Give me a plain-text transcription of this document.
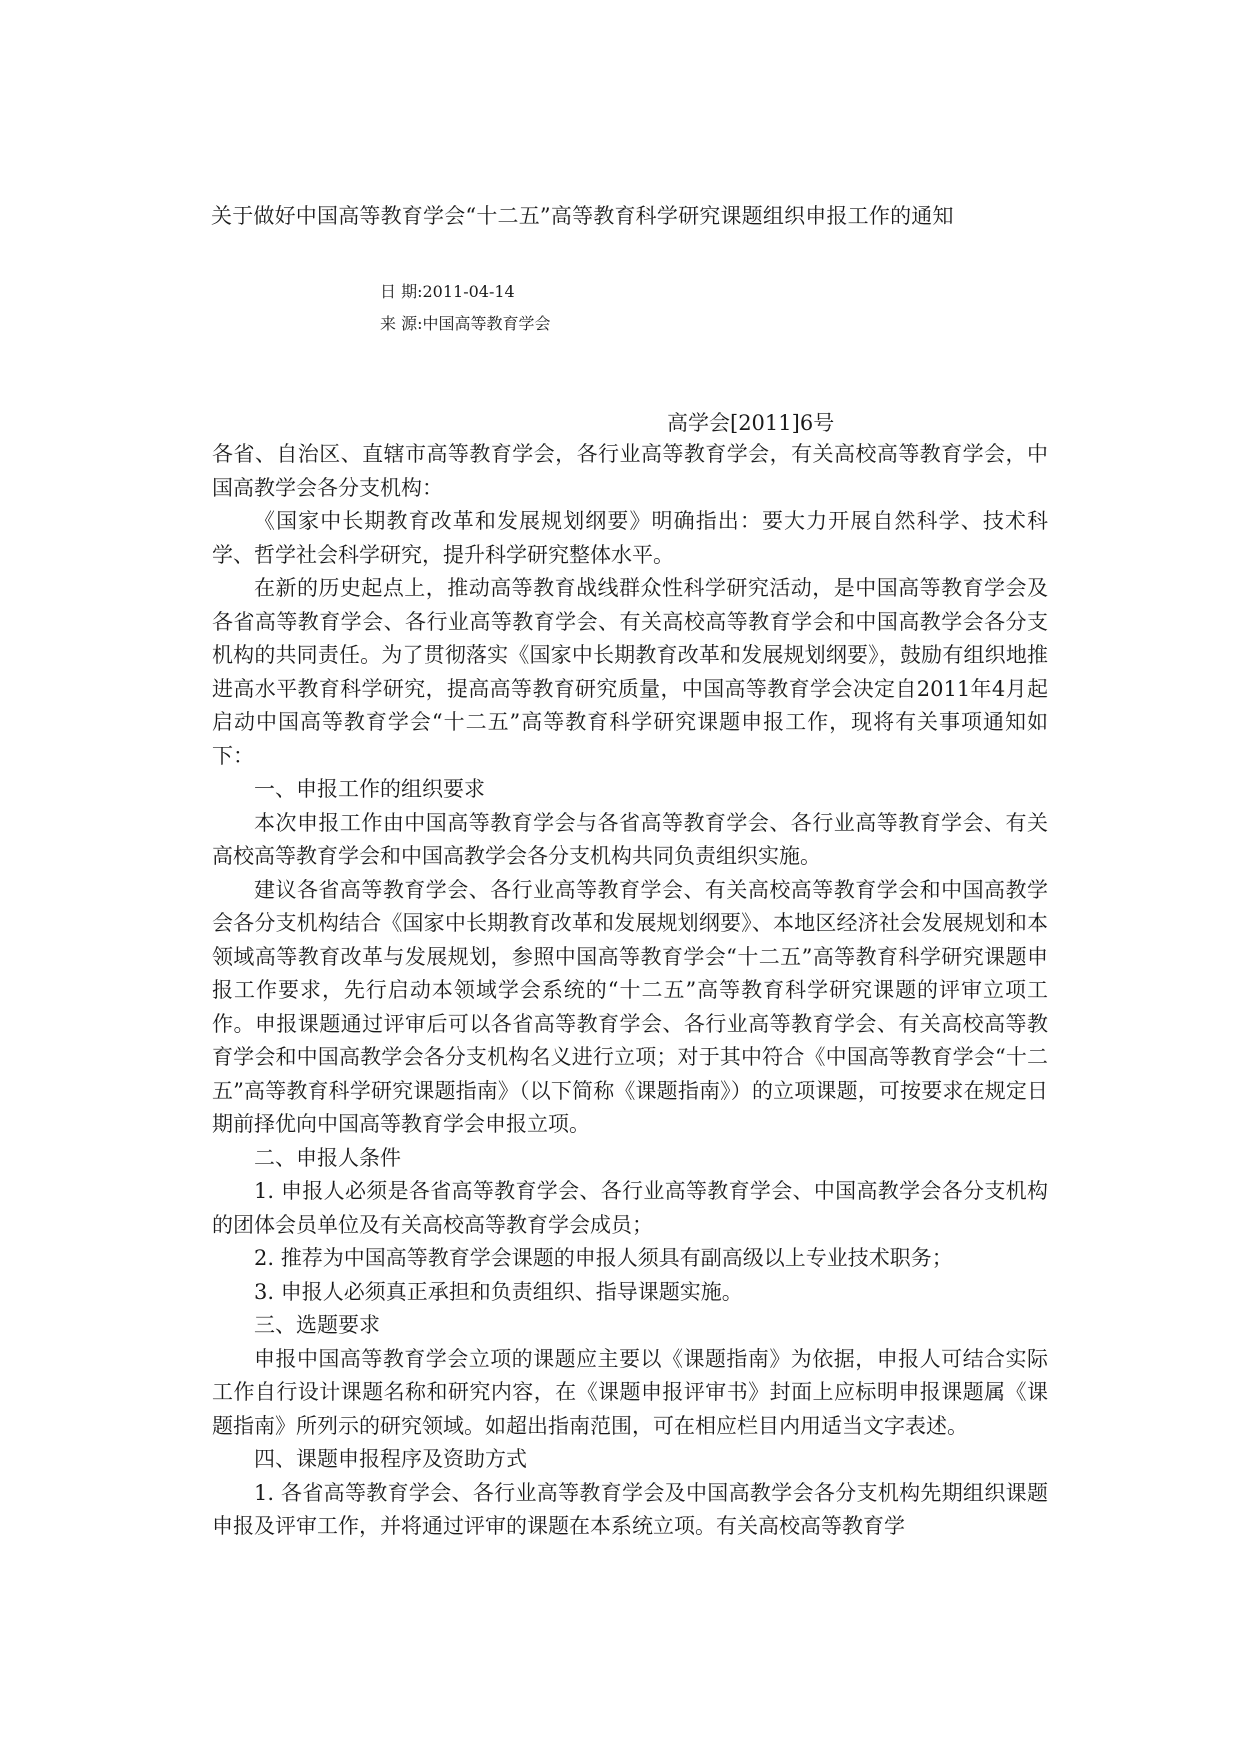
关于做好中国高等教育学会“十二五”高等教育科学研究课题组织申报工作的通知
日 期:2011-04-14
来 源:中国高等教育学会
高学会[2011]6号

各省、自治区、直辖市高等教育学会，各行业高等教育学会，有关高校高等教育学会，中国高教学会各分支机构：

《国家中长期教育改革和发展规划纲要》明确指出：要大力开展自然科学、技术科学、哲学社会科学研究，提升科学研究整体水平。

在新的历史起点上，推动高等教育战线群众性科学研究活动，是中国高等教育学会及各省高等教育学会、各行业高等教育学会、有关高校高等教育学会和中国高教学会各分支机构的共同责任。为了贯彻落实《国家中长期教育改革和发展规划纲要》，鼓励有组织地推进高水平教育科学研究，提高高等教育研究质量，中国高等教育学会决定自2011年4月起启动中国高等教育学会“十二五”高等教育科学研究课题申报工作，现将有关事项通知如下：

一、申报工作的组织要求

本次申报工作由中国高等教育学会与各省高等教育学会、各行业高等教育学会、有关高校高等教育学会和中国高教学会各分支机构共同负责组织实施。

建议各省高等教育学会、各行业高等教育学会、有关高校高等教育学会和中国高教学会各分支机构结合《国家中长期教育改革和发展规划纲要》、本地区经济社会发展规划和本领域高等教育改革与发展规划，参照中国高等教育学会“十二五”高等教育科学研究课题申报工作要求，先行启动本领域学会系统的“十二五”高等教育科学研究课题的评审立项工作。申报课题通过评审后可以各省高等教育学会、各行业高等教育学会、有关高校高等教育学会和中国高教学会各分支机构名义进行立项；对于其中符合《中国高等教育学会“十二五”高等教育科学研究课题指南》（以下简称《课题指南》）的立项课题，可按要求在规定日期前择优向中国高等教育学会申报立项。

二、申报人条件

1. 申报人必须是各省高等教育学会、各行业高等教育学会、中国高教学会各分支机构的团体会员单位及有关高校高等教育学会成员；

2. 推荐为中国高等教育学会课题的申报人须具有副高级以上专业技术职务；

3. 申报人必须真正承担和负责组织、指导课题实施。

三、选题要求

申报中国高等教育学会立项的课题应主要以《课题指南》为依据，申报人可结合实际工作自行设计课题名称和研究内容，在《课题申报评审书》封面上应标明申报课题属《课题指南》所列示的研究领域。如超出指南范围，可在相应栏目内用适当文字表述。

四、课题申报程序及资助方式

1. 各省高等教育学会、各行业高等教育学会及中国高教学会各分支机构先期组织课题申报及评审工作，并将通过评审的课题在本系统立项。有关高校高等教育学
